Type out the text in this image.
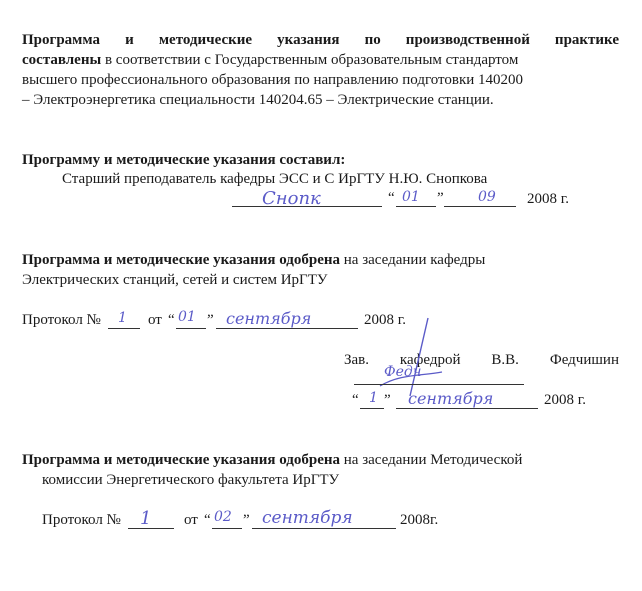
Программа и методические указания по производственной практике
составлены в соответствии с Государственным образовательным стандартом
высшего профессионального образования по направлению подготовки 140200
– Электроэнергетика специальности 140204.65 – Электрические станции.
Программу и методические указания составил:
Старший преподаватель кафедры ЭСС и С ИрГТУ Н.Ю. Снопкова
Снопк	“ 01 ” 09 2008 г.
Программа и методические указания одобрена на заседании кафедры
Электрических станций, сетей и систем ИрГТУ
Протокол № 1 от “ 01 ” сентября	2008 г.
Зав. кафедрой В.В. Федчишин
Федч
“ 1 ” сентября	2008 г.
Программа и методические указания одобрена на заседании Методической
комиссии Энергетического факультета ИрГТУ
Протокол № 1 от “ 02 ” сентября	2008г.
